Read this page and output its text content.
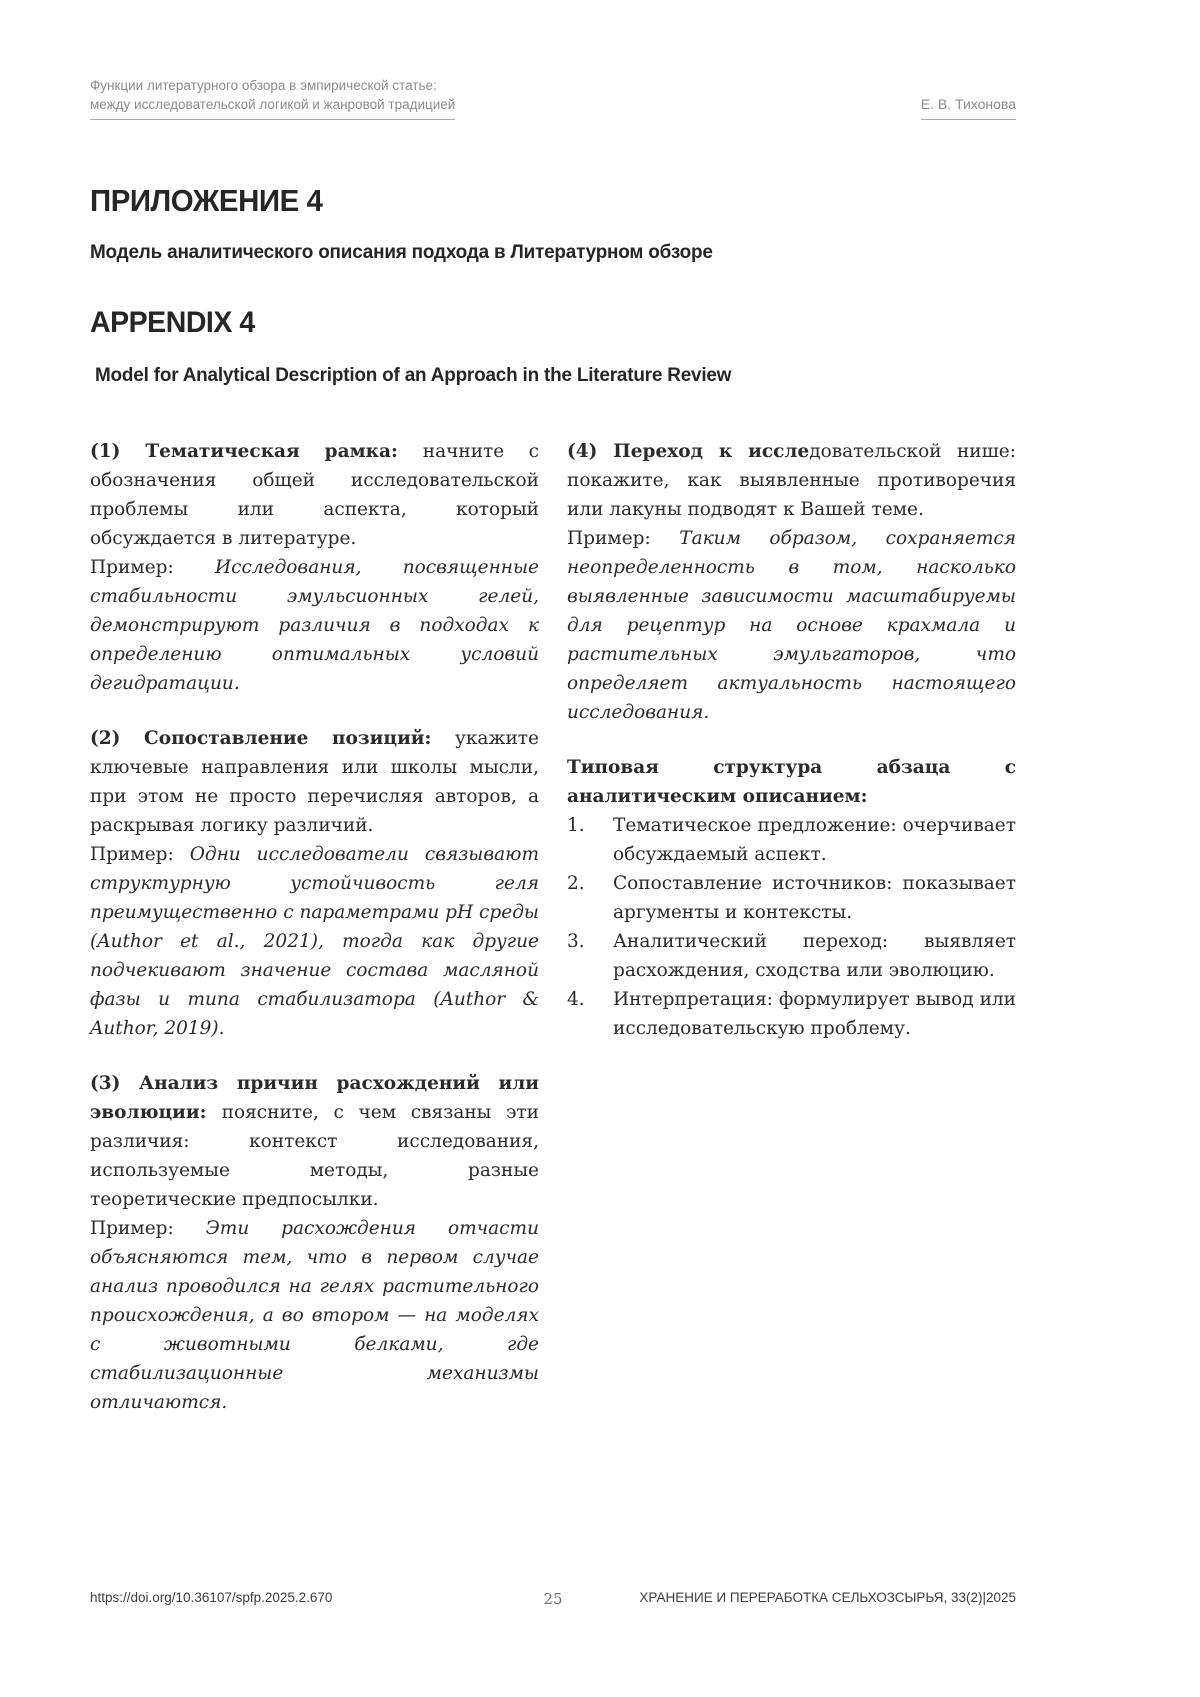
Функции литературного обзора в эмпирической статье:
между исследовательской логикой и жанровой традицией	Е. В. Тихонова
ПРИЛОЖЕНИЕ 4
Модель аналитического описания подхода в Литературном обзоре
APPENDIX 4
Model for Analytical Description of an Approach in the Literature Review

(1) Тематическая рамка: начните с обозначения общей исследовательской проблемы или аспекта, который обсуждается в литературе.

Пример: Исследования, посвященные стабильности эмульсионных гелей, демонстрируют различия в подходах к определению оптимальных условий дегидратации.

(2) Сопоставление позиций: укажите ключевые направления или школы мысли, при этом не просто перечисляя авторов, а раскрывая логику различий.

Пример: Одни исследователи связывают структурную устойчивость геля преимущественно с параметрами pH среды (Author et al., 2021), тогда как другие подчекивают значение состава масляной фазы и типа стабилизатора (Author & Author, 2019).

(3) Анализ причин расхождений или эволюции: поясните, с чем связаны эти различия: контекст исследования, используемые методы, разные теоретические предпосылки.

Пример: Эти расхождения отчасти объясняются тем, что в первом случае анализ проводился на гелях растительного происхождения, а во втором — на моделях с животными белками, где стабилизационные механизмы отличаются.

(4) Переход к исследовательской нише: покажите, как выявленные противоречия или лакуны подводят к Вашей теме.

Пример: Таким образом, сохраняется неопределенность в том, насколько выявленные зависимости масштабируемы для рецептур на основе крахмала и растительных эмульгаторов, что определяет актуальность настоящего исследования.

Типовая структура абзаца с аналитическим описанием:

1.	Тематическое предложение: очерчивает обсуждаемый аспект.
2.	Сопоставление источников: показывает аргументы и контексты.
3.	Аналитический переход: выявляет расхождения, сходства или эволюцию.
4.	Интерпретация: формулирует вывод или исследовательскую проблему.
https://doi.org/10.36107/spfp.2025.2.670	25	ХРАНЕНИЕ И ПЕРЕРАБОТКА СЕЛЬХОЗСЫРЬЯ, 33(2)|2025
